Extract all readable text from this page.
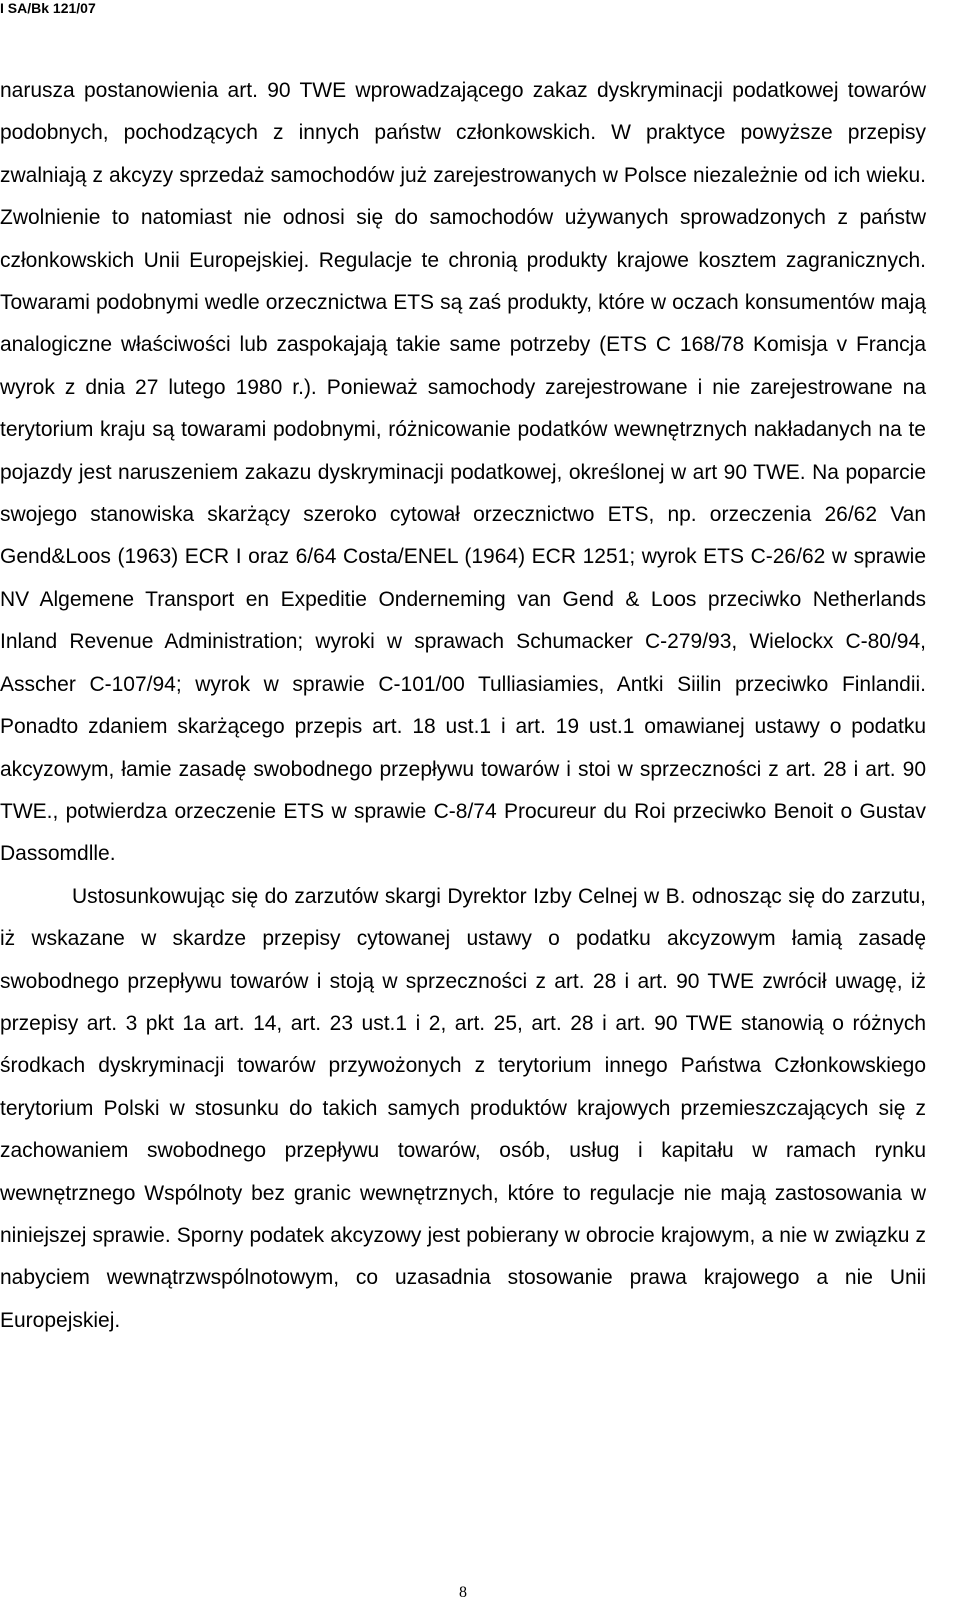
I SA/Bk 121/07

narusza postanowienia art. 90 TWE wprowadzającego zakaz dyskryminacji podatkowej towarów podobnych, pochodzących z innych państw członkowskich. W praktyce powyższe przepisy zwalniają z akcyzy sprzedaż samochodów już zarejestrowanych w Polsce niezależnie od ich wieku. Zwolnienie to natomiast nie odnosi się do samochodów używanych sprowadzonych z państw członkowskich Unii Europejskiej. Regulacje te chronią produkty krajowe kosztem zagranicznych. Towarami podobnymi wedle orzecznictwa ETS są zaś produkty, które w oczach konsumentów mają analogiczne właściwości lub zaspokajają takie same potrzeby (ETS C 168/78 Komisja v Francja wyrok z dnia 27 lutego 1980 r.). Ponieważ samochody zarejestrowane i nie zarejestrowane na terytorium kraju są towarami podobnymi, różnicowanie podatków wewnętrznych nakładanych na te pojazdy jest naruszeniem zakazu dyskryminacji podatkowej, określonej w art 90 TWE. Na poparcie swojego stanowiska skarżący szeroko cytował orzecznictwo ETS, np. orzeczenia 26/62 Van Gend&Loos (1963) ECR I oraz 6/64 Costa/ENEL (1964) ECR 1251; wyrok ETS C-26/62 w sprawie NV Algemene Transport en Expeditie Onderneming van Gend & Loos przeciwko Netherlands Inland Revenue Administration; wyroki w sprawach Schumacker C-279/93, Wielockx C-80/94, Asscher C-107/94; wyrok w sprawie C-101/00 Tulliasiamies, Antki Siilin przeciwko Finlandii. Ponadto zdaniem skarżącego przepis art. 18 ust.1 i art. 19 ust.1 omawianej ustawy o podatku akcyzowym, łamie zasadę swobodnego przepływu towarów i stoi w sprzeczności z art. 28 i art. 90 TWE., potwierdza orzeczenie ETS w sprawie C-8/74 Procureur du Roi przeciwko Benoit o Gustav Dassomdlle.

Ustosunkowując się do zarzutów skargi Dyrektor Izby Celnej w B. odnosząc się do zarzutu, iż wskazane w skardze przepisy cytowanej ustawy o podatku akcyzowym łamią zasadę swobodnego przepływu towarów i stoją w sprzeczności z art. 28 i art. 90 TWE zwrócił uwagę, iż przepisy art. 3 pkt 1a art. 14, art. 23 ust.1 i 2, art. 25, art. 28 i art. 90 TWE stanowią o różnych środkach dyskryminacji towarów przywożonych z terytorium innego Państwa Członkowskiego terytorium Polski w stosunku do takich samych produktów krajowych przemieszczających się z zachowaniem swobodnego przepływu towarów, osób, usług i kapitału w ramach rynku wewnętrznego Wspólnoty bez granic wewnętrznych, które to regulacje nie mają zastosowania w niniejszej sprawie. Sporny podatek akcyzowy jest pobierany w obrocie krajowym, a nie w związku z nabyciem wewnątrzwspólnotowym, co uzasadnia stosowanie prawa krajowego a nie Unii Europejskiej.

8
